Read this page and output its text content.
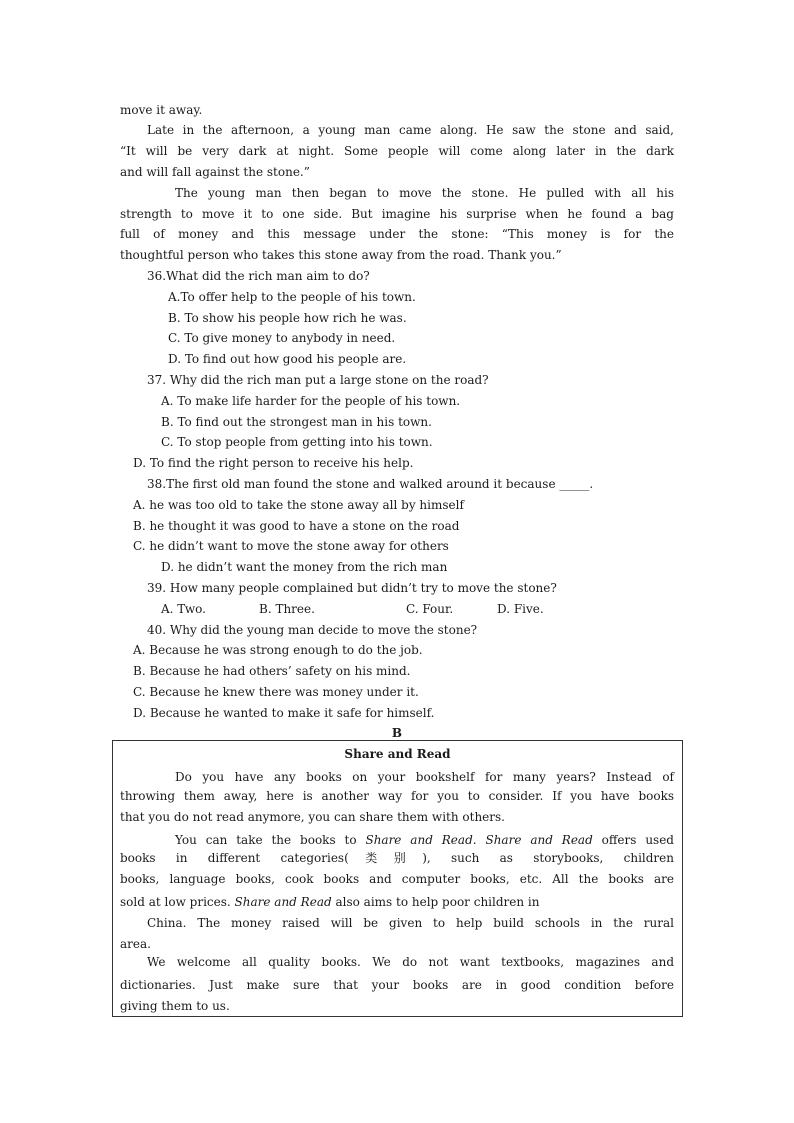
move it away.
Late in the afternoon, a young man came along. He saw the stone and said,
“It will be very dark at night. Some people will come along later in the dark
and will fall against the stone.”
The young man then began to move the stone. He pulled with all his
strength to move it to one side. But imagine his surprise when he found a bag
full of money and this message under the stone: “This money is for the
thoughtful person who takes this stone away from the road. Thank you.”
36.What did the rich man aim to do?
A.To offer help to the people of his town.
B. To show his people how rich he was.
C. To give money to anybody in need.
D. To find out how good his people are.
37. Why did the rich man put a large stone on the road?
A. To make life harder for the people of his town.
B. To find out the strongest man in his town.
C. To stop people from getting into his town.
D. To find the right person to receive his help.
38.The first old man found the stone and walked around it because _____.
A. he was too old to take the stone away all by himself
B. he thought it was good to have a stone on the road
C. he didn’t want to move the stone away for others
D. he didn’t want the money from the rich man
39. How many people complained but didn’t try to move the stone?
A. Two.	B. Three.	C. Four.	D. Five.
40. Why did the young man decide to move the stone?
A. Because he was strong enough to do the job.
B. Because he had others’ safety on his mind.
C. Because he knew there was money under it.
D. Because he wanted to make it safe for himself.
B
Share and Read
Do you have any books on your bookshelf for many years? Instead of
throwing them away, here is another way for you to consider. If you have books
that you do not read anymore, you can share them with others.
You can take the books to Share and Read. Share and Read offers used
books in different categories(类别), such as storybooks, children
books, language books, cook books and computer books, etc. All the books are
sold at low prices. Share and Read also aims to help poor children in
China. The money raised will be given to help build schools in the rural
area.
We welcome all quality books. We do not want textbooks, magazines and
dictionaries. Just make sure that your books are in good condition before
giving them to us.
